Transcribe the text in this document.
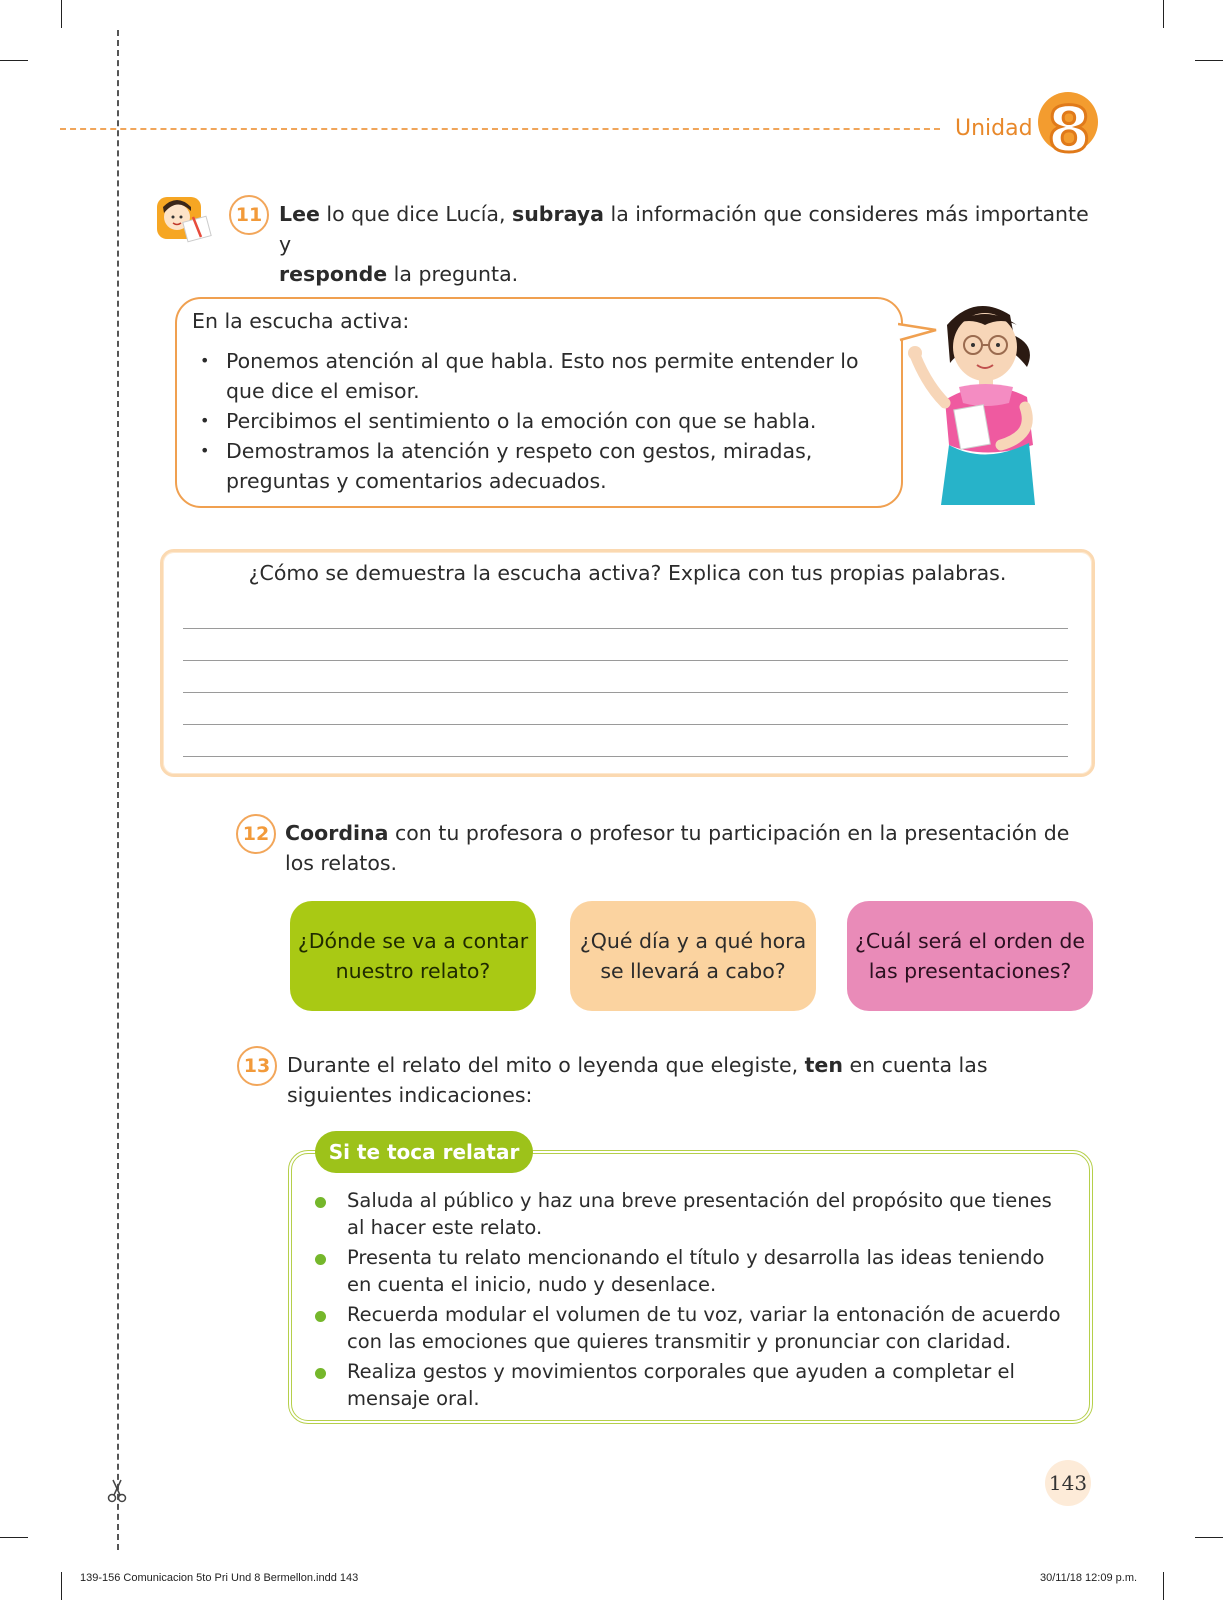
Unidad 8
11 Lee lo que dice Lucía, subraya la información que consideres más importante y
responde la pregunta.
En la escucha activa:
• Ponemos atención al que habla. Esto nos permite entender lo que dice el emisor.
• Percibimos el sentimiento o la emoción con que se habla.
• Demostramos la atención y respeto con gestos, miradas, preguntas y comentarios adecuados.
¿Cómo se demuestra la escucha activa? Explica con tus propias palabras.
12 Coordina con tu profesora o profesor tu participación en la presentación de los relatos.
¿Dónde se va a contar nuestro relato?
¿Qué día y a qué hora se llevará a cabo?
¿Cuál será el orden de las presentaciones?
13 Durante el relato del mito o leyenda que elegiste, ten en cuenta las siguientes indicaciones:
Si te toca relatar
Saluda al público y haz una breve presentación del propósito que tienes al hacer este relato.
Presenta tu relato mencionando el título y desarrolla las ideas teniendo en cuenta el inicio, nudo y desenlace.
Recuerda modular el volumen de tu voz, variar la entonación de acuerdo con las emociones que quieres transmitir y pronunciar con claridad.
Realiza gestos y movimientos corporales que ayuden a completar el mensaje oral.
143
139-156 Comunicacion 5to Pri Und 8 Bermellon.indd 143	30/11/18 12:09 p.m.
